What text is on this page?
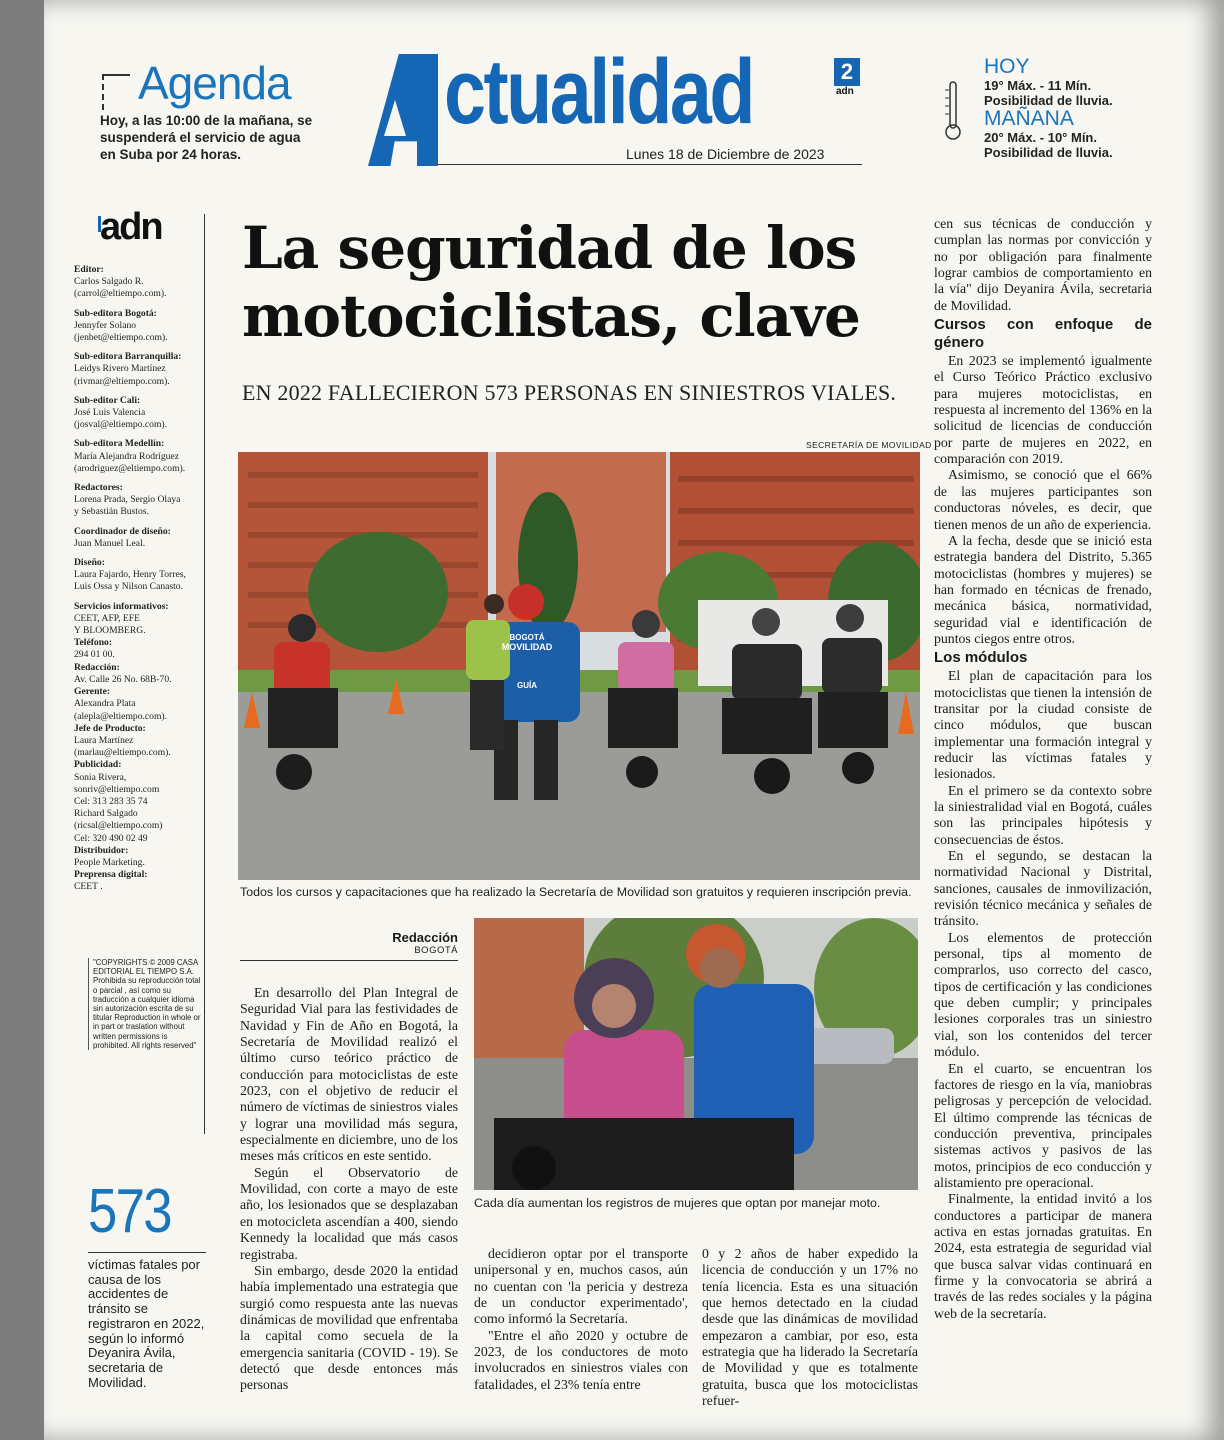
Agenda
Hoy, a las 10:00 de la mañana, se suspenderá el servicio de agua en Suba por 24 horas.
ctualidad	2
adn
Lunes 18 de Diciembre de 2023
HOY
19° Máx. - 11 Mín.
Posibilidad de lluvia.
MAÑANA
20° Máx. - 10° Mín.
Posibilidad de lluvia.
adn
Editor:
Carlos Salgado R.
(carrol@eltiempo.com).
Sub-editora Bogotá:
Jennyfer Solano
(jenbet@eltiempo.com).
Sub-editora Barranquilla:
Leidys Rivero Martínez
(rivmar@eltiempo.com).
Sub-editor Cali:
José Luis Valencia
(josval@eltiempo.com).
Sub-editora Medellín:
María Alejandra Rodríguez
(arodriguez@eltiempo.com).
Redactores:
Lorena Prada, Sergio Olaya
y Sebastián Bustos.
Coordinador de diseño:
Juan Manuel Leal.
Diseño:
Laura Fajardo, Henry Torres,
Luis Ossa y Nilson Canasto.
Servicios informativos:
CEET, AFP, EFE
Y BLOOMBERG.
Teléfono:
294 01 00.
Redacción:
Av. Calle 26 No. 68B-70.
Gerente:
Alexandra Plata
(alepla@eltiempo.com).
Jefe de Producto:
Laura Martínez
(marlau@eltiempo.com).
Publicidad:
Sonia Rivera,
sonriv@eltiempo.com
Cel: 313 283 35 74
Richard Salgado
(ricsal@eltiempo.com)
Cel: 320 490 02 49
Distribuidor:
People Marketing.
Preprensa digital:
CEET .
"COPYRIGHTS © 2009 CASA EDITORIAL EL TIEMPO S.A. Prohibida su reproducción total o parcial , así como su traducción a cualquier idioma sin autorización escrita de su titular Reproduction in whole or in part or traslation without written permissions is prohibited. All rights reserved"
573
víctimas fatales por causa de los accidentes de tránsito se registraron en 2022, según lo informó Deyanira Ávila, secretaria de Movilidad.
La seguridad de los motociclistas, clave
EN 2022 FALLECIERON 573 PERSONAS EN SINIESTROS VIALES.
SECRETARÍA DE MOVILIDAD
BOGOTÁ
MOVILIDAD
GUÍA
Todos los cursos y capacitaciones que ha realizado la Secretaría de Movilidad son gratuitos y requieren inscripción previa.
Cada día aumentan los registros de mujeres que optan por manejar moto.
Redacción
BOGOTÁ

En desarrollo del Plan Integral de Seguridad Vial para las festividades de Navidad y Fin de Año en Bogotá, la Secretaría de Movilidad realizó el último curso teórico práctico de conducción para motociclistas de este 2023, con el objetivo de reducir el número de víctimas de siniestros viales y lograr una movilidad más segura, especialmente en diciembre, uno de los meses más críticos en este sentido.

Según el Observatorio de Movilidad, con corte a mayo de este año, los lesionados que se desplazaban en motocicleta ascendían a 400, siendo Kennedy la localidad que más casos registraba.

Sin embargo, desde 2020 la entidad había implementado una estrategia que surgió como respuesta ante las nuevas dinámicas de movilidad que enfrentaba la capital como secuela de la emergencia sanitaria (COVID - 19). Se detectó que desde entonces más personas

decidieron optar por el transporte unipersonal y en, muchos casos, aún no cuentan con 'la pericia y destreza de un conductor experimentado', como informó la Secretaría.

"Entre el año 2020 y octubre de 2023, de los conductores de moto involucrados en siniestros viales con fatalidades, el 23% tenía entre

0 y 2 años de haber expedido la licencia de conducción y un 17% no tenía licencia. Esta es una situación que hemos detectado en la ciudad desde que las dinámicas de movilidad empezaron a cambiar, por eso, esta estrategia que ha liderado la Secretaría de Movilidad y que es totalmente gratuita, busca que los motociclistas refuer-

cen sus técnicas de conducción y cumplan las normas por convicción y no por obligación para finalmente lograr cambios de comportamiento en la vía" dijo Deyanira Ávila, secretaria de Movilidad.

Cursos con enfoque de género

En 2023 se implementó igualmente el Curso Teórico Práctico exclusivo para mujeres motociclistas, en respuesta al incremento del 136% en la solicitud de licencias de conducción por parte de mujeres en 2022, en comparación con 2019.

Asimismo, se conoció que el 66% de las mujeres participantes son conductoras nóveles, es decir, que tienen menos de un año de experiencia.

A la fecha, desde que se inició esta estrategia bandera del Distrito, 5.365 motociclistas (hombres y mujeres) se han formado en técnicas de frenado, mecánica básica, normatividad, seguridad vial e identificación de puntos ciegos entre otros.

Los módulos

El plan de capacitación para los motociclistas que tienen la intensión de transitar por la ciudad consiste de cinco módulos, que buscan implementar una formación integral y reducir las víctimas fatales y lesionados.

En el primero se da contexto sobre la siniestralidad vial en Bogotá, cuáles son las principales hipótesis y consecuencias de éstos.

En el segundo, se destacan la normatividad Nacional y Distrital, sanciones, causales de inmovilización, revisión técnico mecánica y señales de tránsito.

Los elementos de protección personal, tips al momento de comprarlos, uso correcto del casco, tipos de certificación y las condiciones que deben cumplir; y principales lesiones corporales tras un siniestro vial, son los contenidos del tercer módulo.

En el cuarto, se encuentran los factores de riesgo en la vía, maniobras peligrosas y percepción de velocidad. El último comprende las técnicas de conducción preventiva, principales sistemas activos y pasivos de las motos, principios de eco conducción y alistamiento pre operacional.

Finalmente, la entidad invitó a los conductores a participar de manera activa en estas jornadas gratuitas. En 2024, esta estrategia de seguridad vial que busca salvar vidas continuará en firme y la convocatoria se abrirá a través de las redes sociales y la página web de la secretaría.
